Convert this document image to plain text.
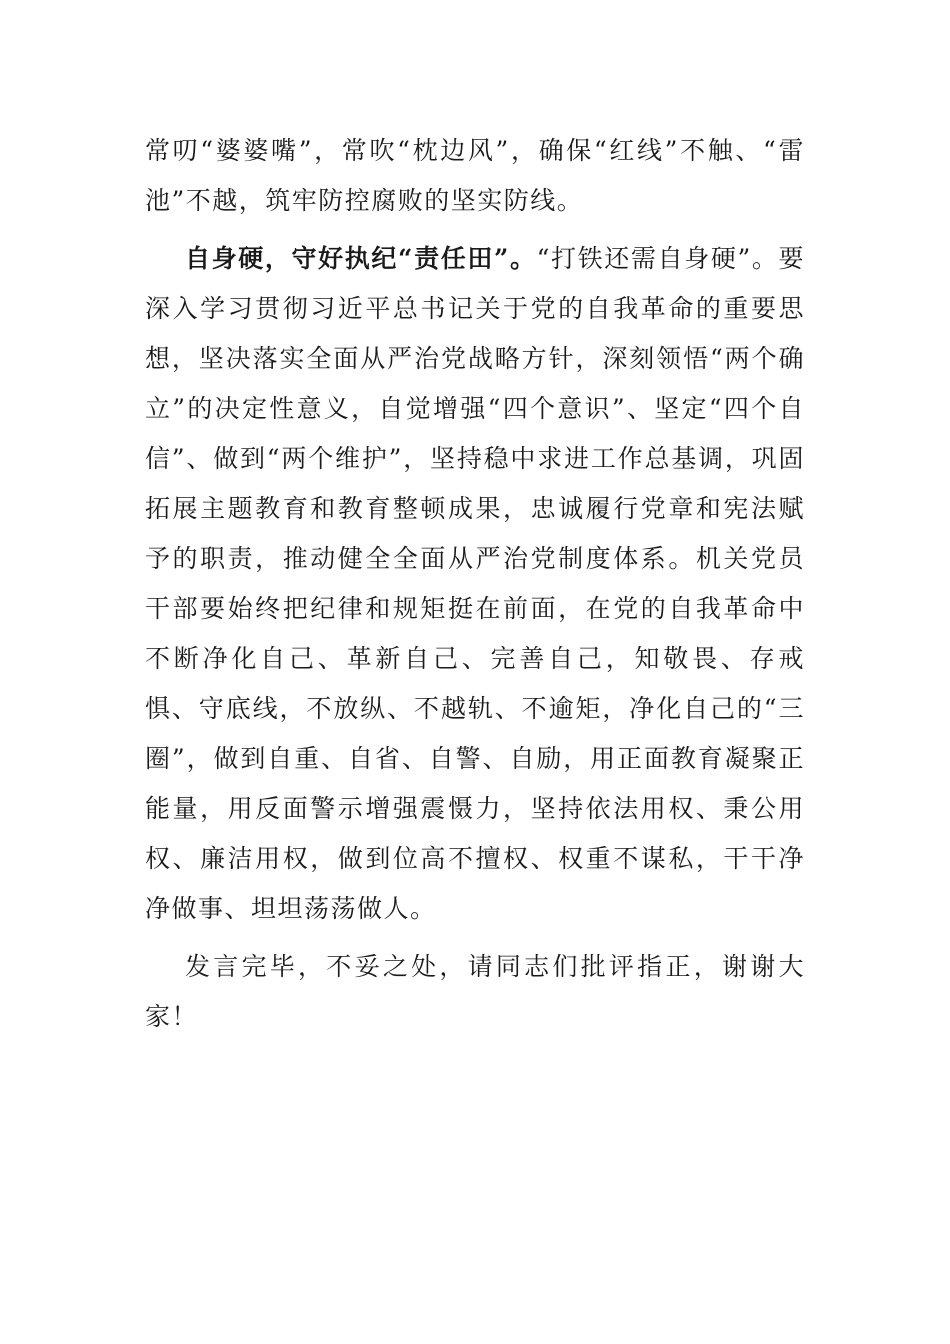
常叨“婆婆嘴”，常吹“枕边风”，确保“红线”不触、“雷池”不越，筑牢防控腐败的坚实防线。

自身硬，守好执纪“责任田”。“打铁还需自身硬”。要深入学习贯彻习近平总书记关于党的自我革命的重要思想，坚决落实全面从严治党战略方针，深刻领悟“两个确立”的决定性意义，自觉增强“四个意识”、坚定“四个自信”、做到“两个维护”，坚持稳中求进工作总基调，巩固拓展主题教育和教育整顿成果，忠诚履行党章和宪法赋予的职责，推动健全全面从严治党制度体系。机关党员干部要始终把纪律和规矩挺在前面，在党的自我革命中不断净化自己、革新自己、完善自己，知敬畏、存戒惧、守底线，不放纵、不越轨、不逾矩，净化自己的“三圈”，做到自重、自省、自警、自励，用正面教育凝聚正能量，用反面警示增强震慑力，坚持依法用权、秉公用权、廉洁用权，做到位高不擅权、权重不谋私，干干净净做事、坦坦荡荡做人。

发言完毕，不妥之处，请同志们批评指正，谢谢大家！
